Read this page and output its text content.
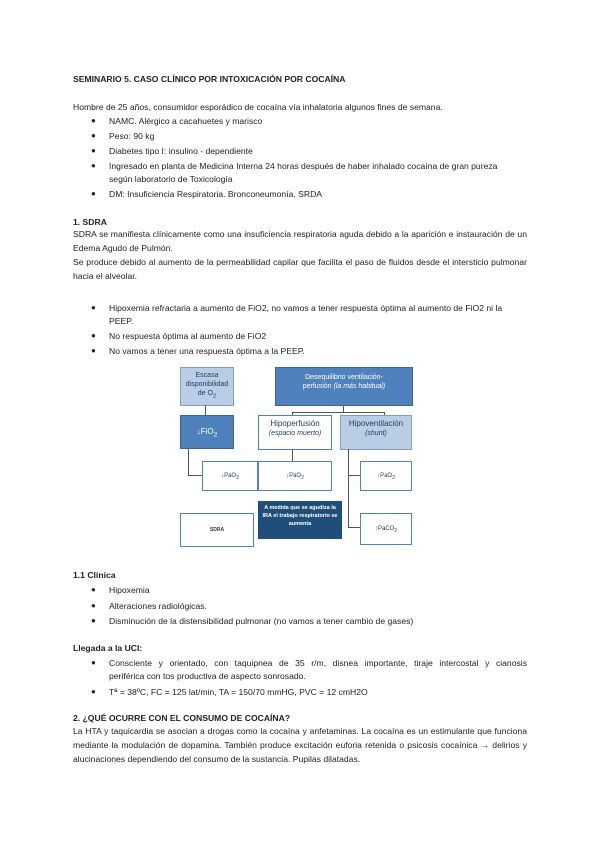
SEMINARIO 5. CASO CLÍNICO POR INTOXICACIÓN POR COCAÍNA

Hombre de 25 años, consumidor esporádico de cocaína vía inhalatoria algunos fines de semana.

● NAMC. Alérgico a cacahuetes y marisco

● Peso: 90 kg

● Diabetes tipo I: insulino - dependiente

● Ingresado en planta de Medicina Interna 24 horas después de haber inhalado cocaína de gran pureza

según laboratorio de Toxicología

● DM: Insuficiencia Respiratoria. Bronconeumonía. SRDA

1. SDRA

SDRA se manifiesta clínicamente como una insuficiencia respiratoria aguda debido a la aparición e instauración de un Edema Agudo de Pulmón.

Se produce debido al aumento de la permeabilidad capilar que facilita el paso de fluidos desde el intersticio pulmonar hacia el alveolar.

● Hipoxemia refractaria a aumento de FiO2, no vamos a tener respuesta óptima al aumento de FiO2 ni la

PEEP.

● No respuesta óptima al aumento de FiO2

● No vamos a tener una respuesta óptima a la PEEP.

Escasa disponibilidad de $O_2$
Desequilibrio ventilación-
perfusión (la más habitual)
↓FiO$_2$
Hipoperfusión
(espacio muerto)
Hipoventilación
(shunt)
↓PaO$_2$	↓PaO$_2$	↓PaO$_2$
A medida que se agudiza la IRA el trabajo respiratorio se aumenta
SDRA	↑PaCO$_2$

1.1 Clínica

● Hipoxemia

● Alteraciones radiológicas.

● Disminución de la distensibilidad pulmonar (no vamos a tener cambio de gases)

Llegada a la UCI:

● Consciente y orientado, con taquipnea de 35 r/m, disnea importante, tiraje intercostal y cianosis

periférica con tos productiva de aspecto sonrosado.

● Tª = 38ºC, FC = 125 lat/min, TA = 150/70 mmHG, PVC = 12 cmH2O

2. ¿QUÉ OCURRE CON EL CONSUMO DE COCAÍNA?

La HTA y taquicardia se asocian a drogas como la cocaína y anfetaminas. La cocaína es un estimulante que funciona mediante la modulación de dopamina. También produce excitación euforia retenida o psicosis cocaínica → delirios y alucinaciones dependiendo del consumo de la sustancia. Pupilas dilatadas.
